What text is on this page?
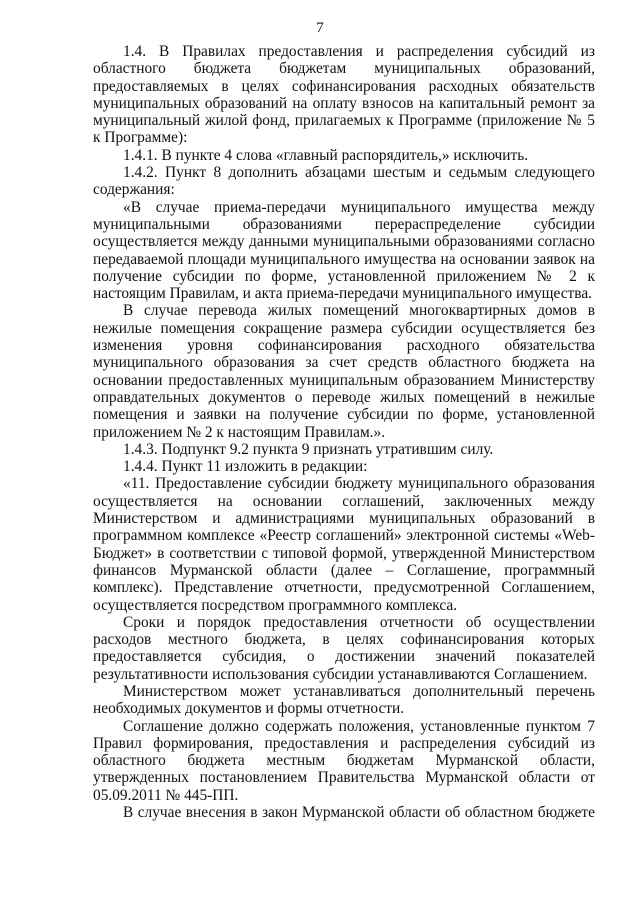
7

1.4. В Правилах предоставления и распределения субсидий из областного бюджета бюджетам муниципальных образований, предоставляемых в целях софинансирования расходных обязательств муниципальных образований на оплату взносов на капитальный ремонт за муниципальный жилой фонд, прилагаемых к Программе (приложение № 5 к Программе):

1.4.1. В пункте 4 слова «главный распорядитель,» исключить.

1.4.2. Пункт 8 дополнить абзацами шестым и седьмым следующего содержания:

«В случае приема-передачи муниципального имущества между муниципальными образованиями перераспределение субсидии осуществляется между данными муниципальными образованиями согласно передаваемой площади муниципального имущества на основании заявок на получение субсидии по форме, установленной приложением № 2 к настоящим Правилам, и акта приема-передачи муниципального имущества.

В случае перевода жилых помещений многоквартирных домов в нежилые помещения сокращение размера субсидии осуществляется без изменения уровня софинансирования расходного обязательства муниципального образования за счет средств областного бюджета на основании предоставленных муниципальным образованием Министерству оправдательных документов о переводе жилых помещений в нежилые помещения и заявки на получение субсидии по форме, установленной приложением № 2 к настоящим Правилам.».

1.4.3. Подпункт 9.2 пункта 9 признать утратившим силу.

1.4.4. Пункт 11 изложить в редакции:

«11. Предоставление субсидии бюджету муниципального образования осуществляется на основании соглашений, заключенных между Министерством и администрациями муниципальных образований в программном комплексе «Реестр соглашений» электронной системы «Web-Бюджет» в соответствии с типовой формой, утвержденной Министерством финансов Мурманской области (далее – Соглашение, программный комплекс). Представление отчетности, предусмотренной Соглашением, осуществляется посредством программного комплекса.

Сроки и порядок предоставления отчетности об осуществлении расходов местного бюджета, в целях софинансирования которых предоставляется субсидия, о достижении значений показателей результативности использования субсидии устанавливаются Соглашением.

Министерством может устанавливаться дополнительный перечень необходимых документов и формы отчетности.

Соглашение должно содержать положения, установленные пунктом 7 Правил формирования, предоставления и распределения субсидий из областного бюджета местным бюджетам Мурманской области, утвержденных постановлением Правительства Мурманской области от 05.09.2011 № 445-ПП.

В случае внесения в закон Мурманской области об областном бюджете
